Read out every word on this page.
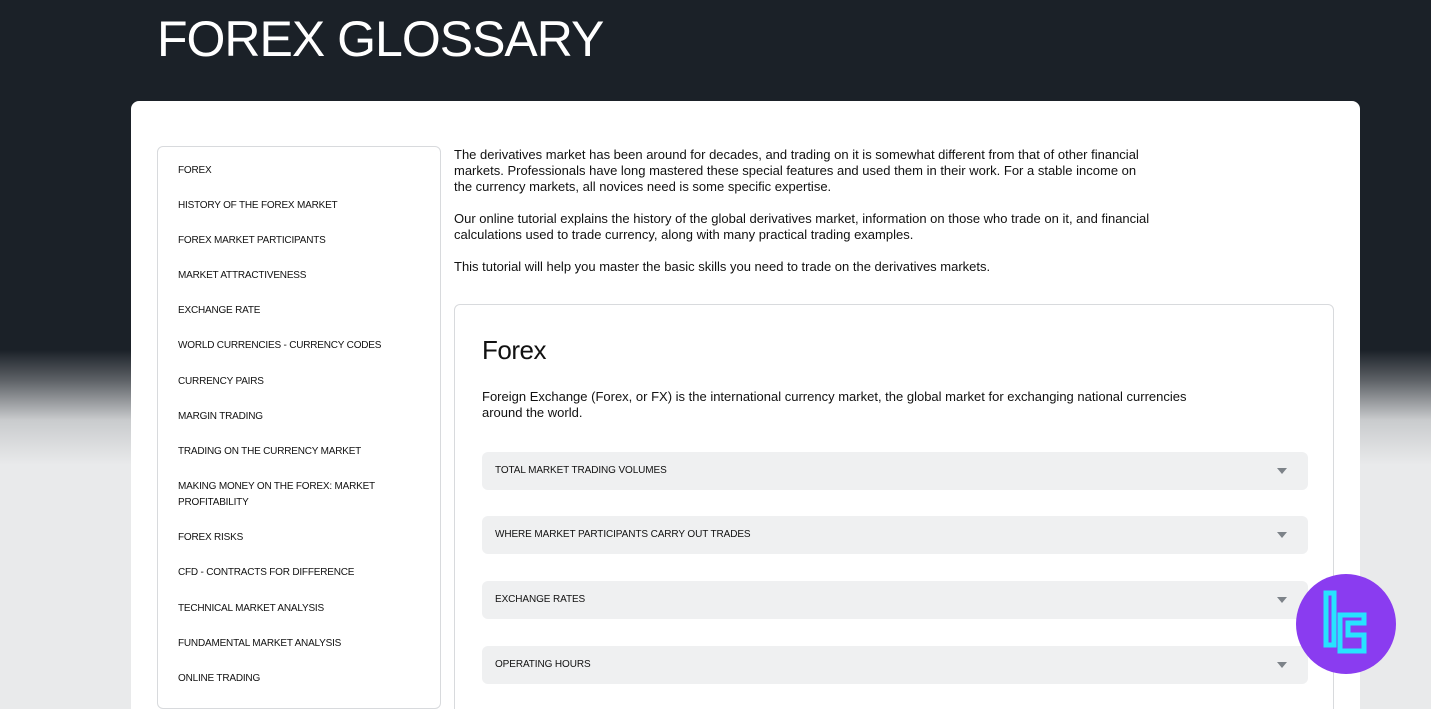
FOREX GLOSSARY
FOREX
HISTORY OF THE FOREX MARKET
FOREX MARKET PARTICIPANTS
MARKET ATTRACTIVENESS
EXCHANGE RATE
WORLD CURRENCIES - CURRENCY CODES
CURRENCY PAIRS
MARGIN TRADING
TRADING ON THE CURRENCY MARKET
MAKING MONEY ON THE FOREX: MARKET PROFITABILITY
FOREX RISKS
CFD - CONTRACTS FOR DIFFERENCE
TECHNICAL MARKET ANALYSIS
FUNDAMENTAL MARKET ANALYSIS
ONLINE TRADING

The derivatives market has been around for decades, and trading on it is somewhat different from that of other financial markets. Professionals have long mastered these special features and used them in their work. For a stable income on the currency markets, all novices need is some specific expertise.

Our online tutorial explains the history of the global derivatives market, information on those who trade on it, and financial calculations used to trade currency, along with many practical trading examples.

This tutorial will help you master the basic skills you need to trade on the derivatives markets.

Forex

Foreign Exchange (Forex, or FX) is the international currency market, the global market for exchanging national currencies around the world.

TOTAL MARKET TRADING VOLUMES
WHERE MARKET PARTICIPANTS CARRY OUT TRADES
EXCHANGE RATES
OPERATING HOURS
